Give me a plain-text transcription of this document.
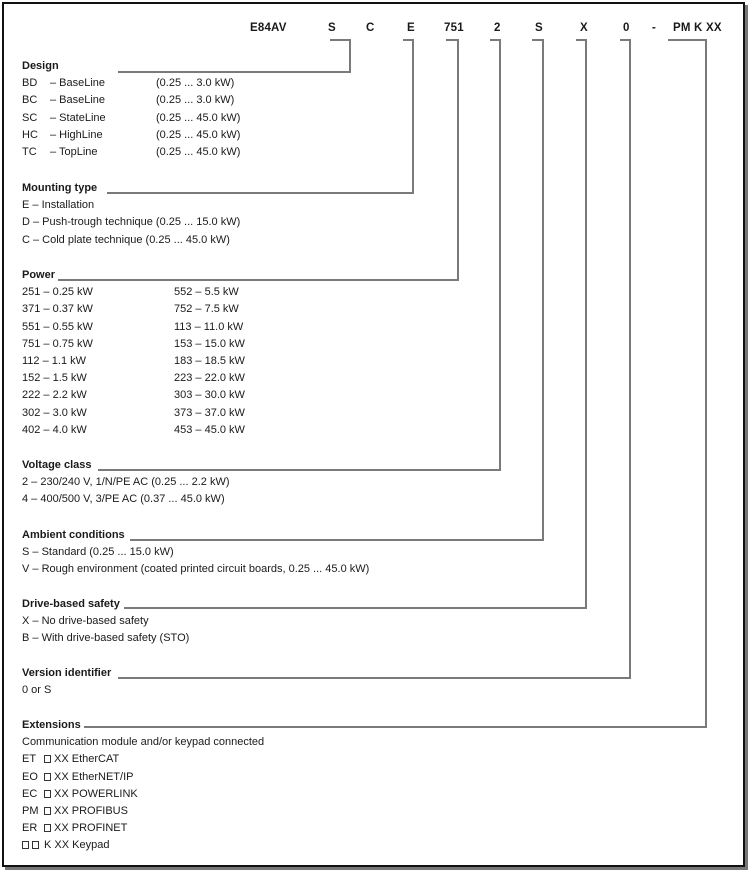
E84AV	S	C	E	751	2	S	X	0 - PM K XX
Design
BD – BaseLine	(0.25 ... 3.0 kW)
BC – BaseLine	(0.25 ... 3.0 kW)
SC – StateLine	(0.25 ... 45.0 kW)
HC – HighLine	(0.25 ... 45.0 kW)
TC – TopLine	(0.25 ... 45.0 kW)
Mounting type
E – Installation
D – Push-trough technique (0.25 ... 15.0 kW)
C – Cold plate technique (0.25 ... 45.0 kW)
Power
251 – 0.25 kW	552 – 5.5 kW
371 – 0.37 kW	752 – 7.5 kW
551 – 0.55 kW	113 – 11.0 kW
751 – 0.75 kW	153 – 15.0 kW
112 – 1.1 kW	183 – 18.5 kW
152 – 1.5 kW	223 – 22.0 kW
222 – 2.2 kW	303 – 30.0 kW
302 – 3.0 kW	373 – 37.0 kW
402 – 4.0 kW	453 – 45.0 kW
Voltage class
2 – 230/240 V, 1/N/PE AC (0.25 ... 2.2 kW)
4 – 400/500 V, 3/PE AC (0.37 ... 45.0 kW)
Ambient conditions
S – Standard (0.25 ... 15.0 kW)
V – Rough environment (coated printed circuit boards, 0.25 ... 45.0 kW)
Drive-based safety
X – No drive-based safety
B – With drive-based safety (STO)
Version identifier
0 or S
Extensions
Communication module and/or keypad connected
ET XX EtherCAT
EO XX EtherNET/IP
EC XX POWERLINK
PM XX PROFIBUS
ER XX PROFINET
K XX Keypad
